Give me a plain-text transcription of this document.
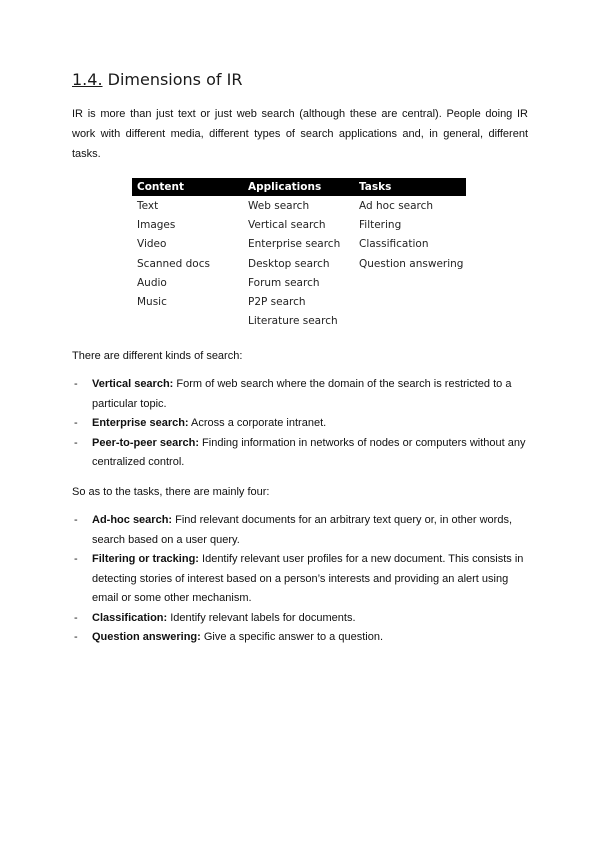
1.4. Dimensions of IR

IR is more than just text or just web search (although these are central). People doing IR work with different media, different types of search applications and, in general, different tasks.

Content	Applications	Tasks
Text	Web search	Ad hoc search
Images	Vertical search	Filtering
Video	Enterprise search	Classification
Scanned docs	Desktop search	Question answering
Audio	Forum search	
Music	P2P search	
	Literature search	

There are different kinds of search:

- Vertical search: Form of web search where the domain of the search is restricted to a particular topic.
- Enterprise search: Across a corporate intranet.
- Peer-to-peer search: Finding information in networks of nodes or computers without any centralized control.

So as to the tasks, there are mainly four:

- Ad-hoc search: Find relevant documents for an arbitrary text query or, in other words, search based on a user query.
- Filtering or tracking: Identify relevant user profiles for a new document. This consists in detecting stories of interest based on a person’s interests and providing an alert using email or some other mechanism.
- Classification: Identify relevant labels for documents.
- Question answering: Give a specific answer to a question.
